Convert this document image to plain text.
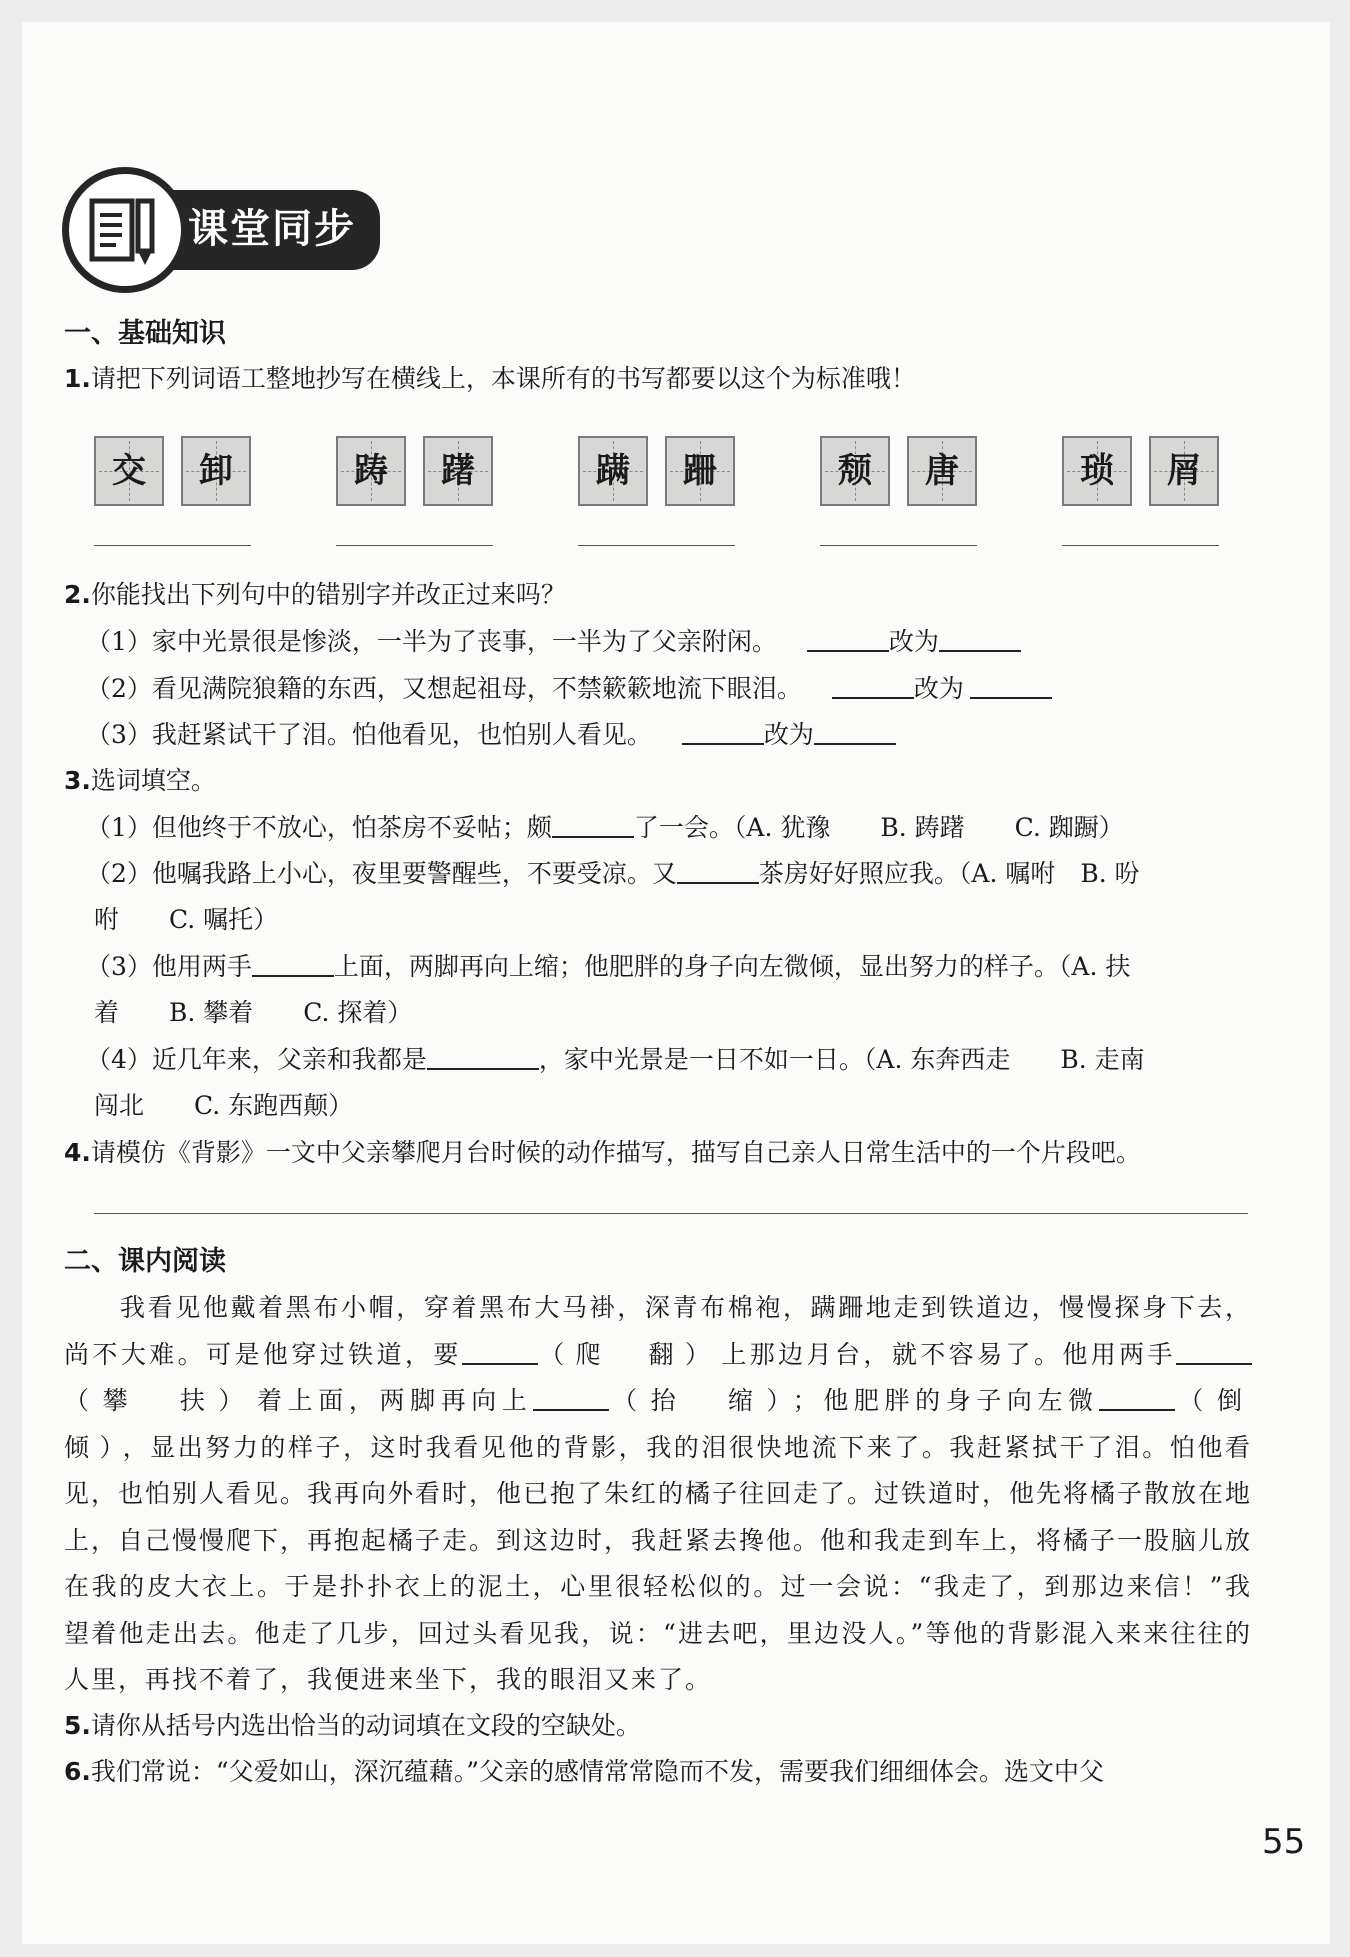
课堂同步
一、基础知识
1.请把下列词语工整地抄写在横线上，本课所有的书写都要以这个为标准哦！
交	卸	踌	躇	蹒	跚	颓	唐	琐	屑
2.你能找出下列句中的错别字并改正过来吗？
（1）家中光景很是惨淡，一半为了丧事，一半为了父亲附闲。	改为
（2）看见满院狼籍的东西，又想起祖母，不禁簌簌地流下眼泪。	改为
（3）我赶紧试干了泪。怕他看见，也怕别人看见。	改为
3.选词填空。
（1）但他终于不放心，怕茶房不妥帖；颇	了一会。（A. 犹豫　　B. 踌躇　　C. 踟蹰）
（2）他嘱我路上小心，夜里要警醒些，不要受凉。又	茶房好好照应我。（A. 嘱咐　B. 吩
咐　　C. 嘱托）
（3）他用两手	上面，两脚再向上缩；他肥胖的身子向左微倾，显出努力的样子。（A. 扶
着　　B. 攀着　　C. 探着）
（4）近几年来，父亲和我都是	，家中光景是一日不如一日。（A. 东奔西走　　B. 走南
闯北　　C. 东跑西颠）
4.请模仿《背影》一文中父亲攀爬月台时候的动作描写，描写自己亲人日常生活中的一个片段吧。
二、课内阅读
我看见他戴着黑布小帽，穿着黑布大马褂，深青布棉袍，蹒跚地走到铁道边，慢慢探身下去，尚不大难。可是他穿过铁道，要	（爬　翻）上那边月台，就不容易了。他用两手（攀　扶）着上面，两脚再向上	（抬　缩）；他肥胖的身子向左微	（倒　倾），显出努力的样子，这时我看见他的背影，我的泪很快地流下来了。我赶紧拭干了泪。怕他看见，也怕别人看见。我再向外看时，他已抱了朱红的橘子往回走了。过铁道时，他先将橘子散放在地上，自己慢慢爬下，再抱起橘子走。到这边时，我赶紧去搀他。他和我走到车上，将橘子一股脑儿放在我的皮大衣上。于是扑扑衣上的泥土，心里很轻松似的。过一会说：“我走了，到那边来信！”我望着他走出去。他走了几步，回过头看见我，说：“进去吧，里边没人。”等他的背影混入来来往往的人里，再找不着了，我便进来坐下，我的眼泪又来了。
5.请你从括号内选出恰当的动词填在文段的空缺处。
6.我们常说：“父爱如山，深沉蕴藉。”父亲的感情常常隐而不发，需要我们细细体会。选文中父
55
